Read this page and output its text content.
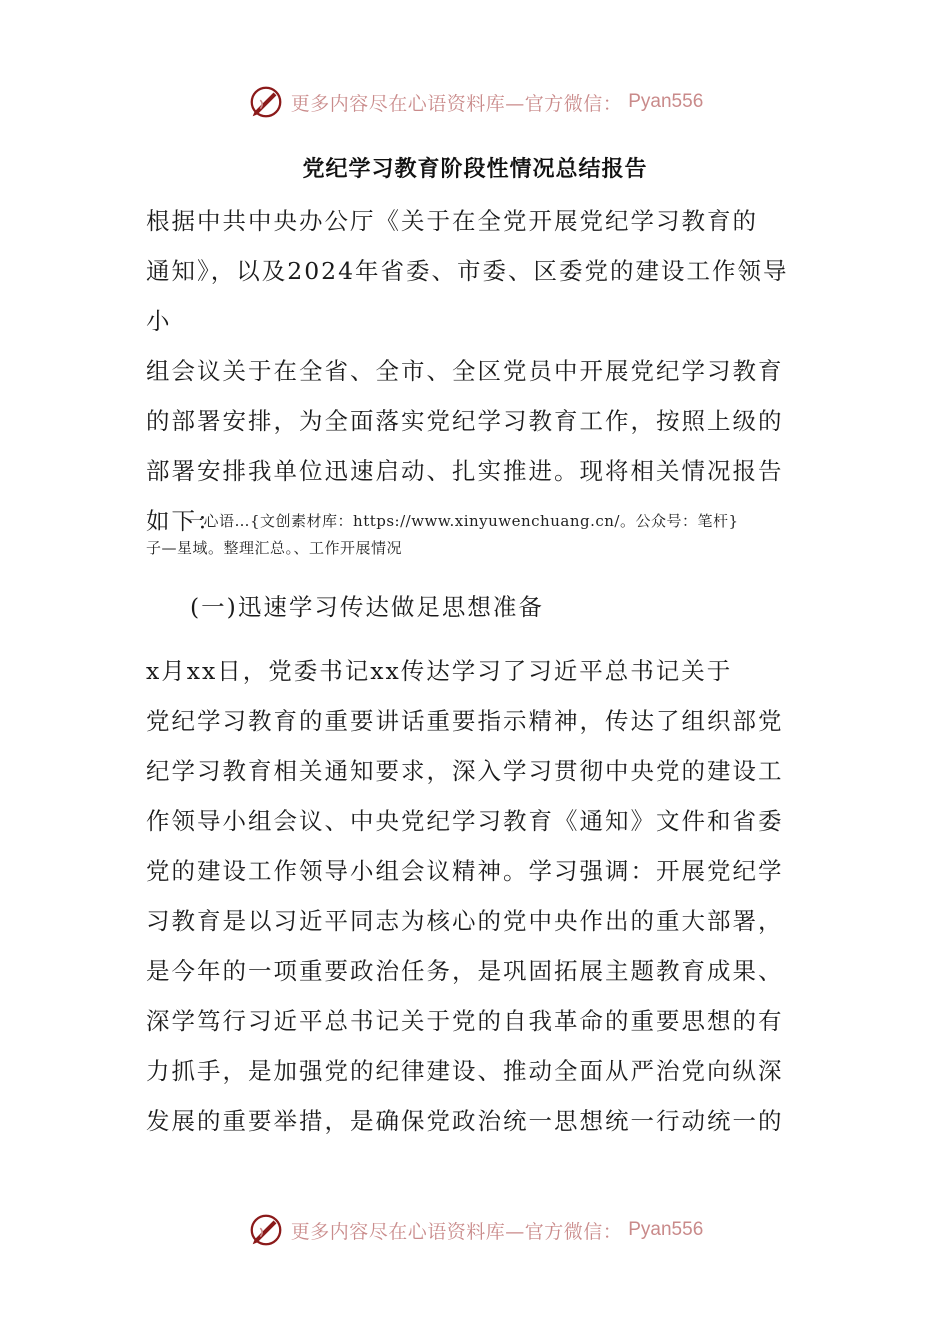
更多内容尽在心语资料库—官方微信： Pyan556
党纪学习教育阶段性情况总结报告
根据中共中央办公厅《关于在全党开展党纪学习教育的
通知》，以及2024年省委、市委、区委党的建设工作领导小
组会议关于在全省、全市、全区党员中开展党纪学习教育
的部署安排，为全面落实党纪学习教育工作，按照上级的
部署安排我单位迅速启动、扎实推进。现将相关情况报告
如下：
一心语…{文创素材库：https://www.xinyuwenchuang.cn/。公众号：笔杆}
子—星域。整理汇总。、工作开展情况
(一)迅速学习传达做足思想准备
x月xx日，党委书记xx传达学习了习近平总书记关于
党纪学习教育的重要讲话重要指示精神，传达了组织部党
纪学习教育相关通知要求，深入学习贯彻中央党的建设工
作领导小组会议、中央党纪学习教育《通知》文件和省委
党的建设工作领导小组会议精神。学习强调：开展党纪学
习教育是以习近平同志为核心的党中央作出的重大部署，
是今年的一项重要政治任务，是巩固拓展主题教育成果、
深学笃行习近平总书记关于党的自我革命的重要思想的有
力抓手，是加强党的纪律建设、推动全面从严治党向纵深
发展的重要举措，是确保党政治统一思想统一行动统一的
更多内容尽在心语资料库—官方微信： Pyan556
